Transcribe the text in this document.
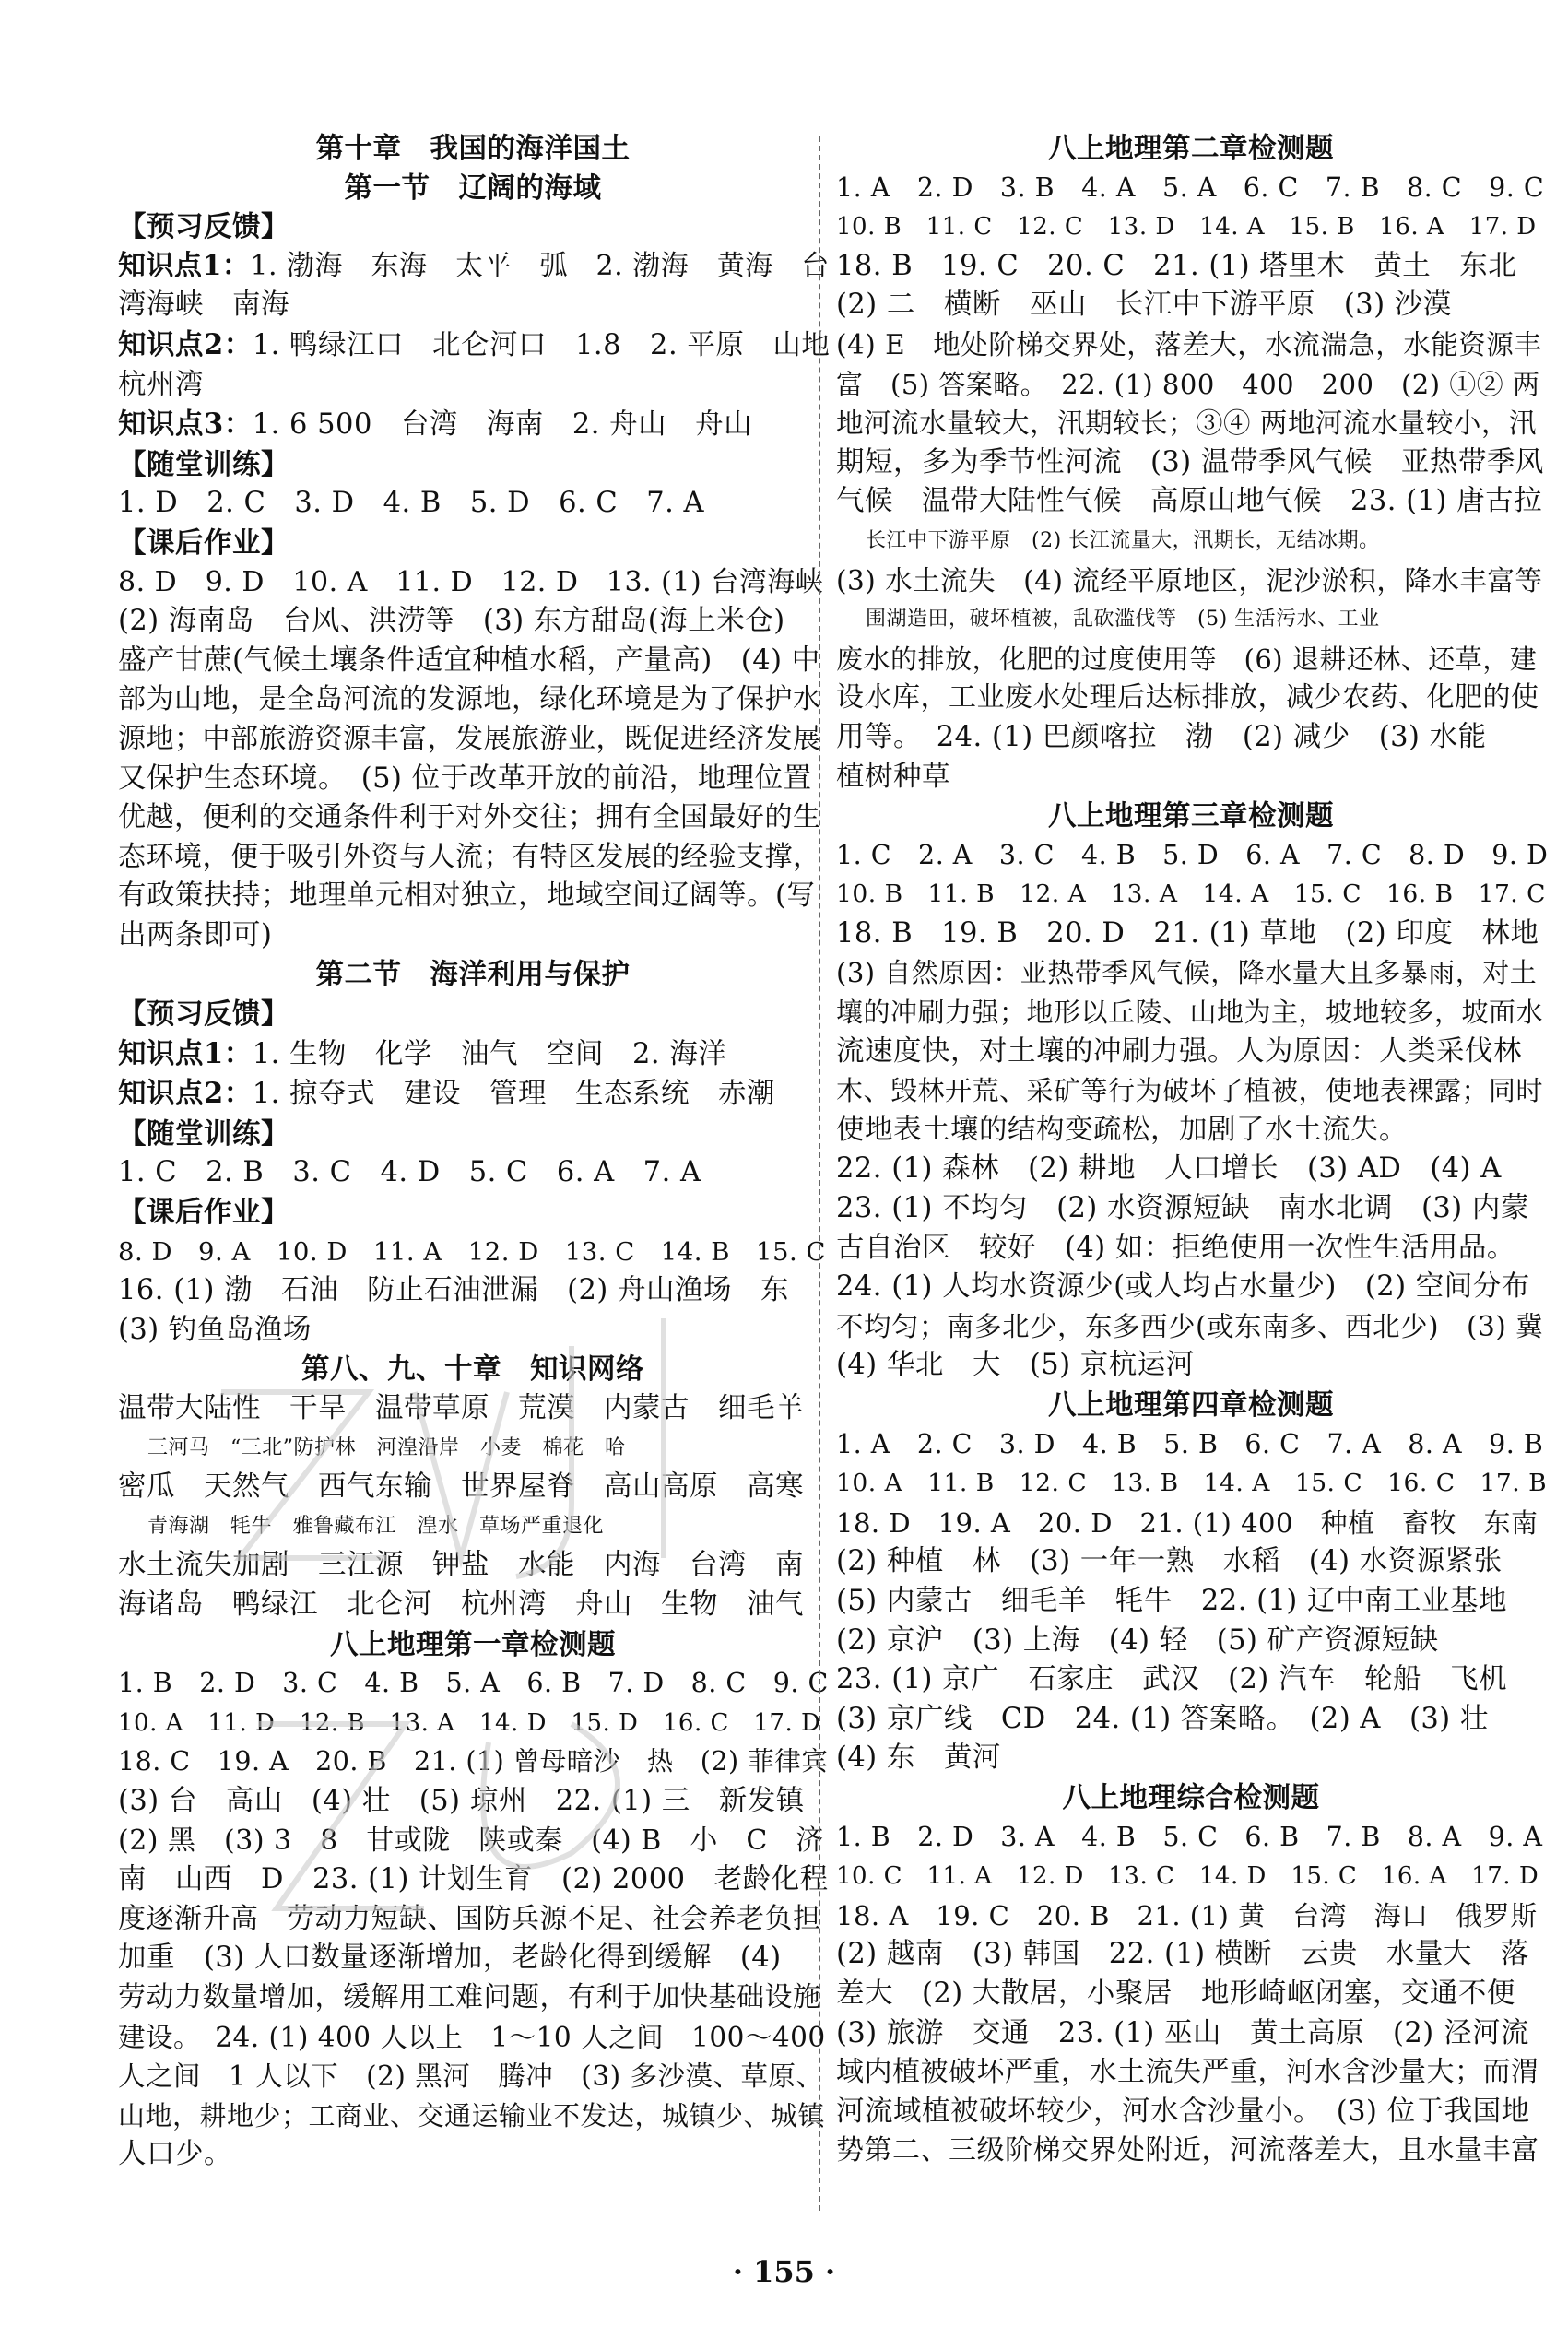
第十章　我国的海洋国土
第一节　辽阔的海域
【预习反馈】
知识点1：1. 渤海　东海　太平　弧　2. 渤海　黄海　台
湾海峡　南海
知识点2：1. 鸭绿江口　北仑河口　1.8　2. 平原　山地
杭州湾
知识点3：1. 6 500　台湾　海南　2. 舟山　舟山
【随堂训练】
1. D　2. C　3. D　4. B　5. D　6. C　7. A
【课后作业】
8. D　9. D　10. A　11. D　12. D　13. (1) 台湾海峡
(2) 海南岛　台风、洪涝等　(3) 东方甜岛(海上米仓)
盛产甘蔗(气候土壤条件适宜种植水稻，产量高)　(4) 中
部为山地，是全岛河流的发源地，绿化环境是为了保护水
源地；中部旅游资源丰富，发展旅游业，既促进经济发展
又保护生态环境。　(5) 位于改革开放的前沿，地理位置
优越，便利的交通条件利于对外交往；拥有全国最好的生
态环境，便于吸引外资与人流；有特区发展的经验支撑，
有政策扶持；地理单元相对独立，地域空间辽阔等。(写
出两条即可)
第二节　海洋利用与保护
【预习反馈】
知识点1：1. 生物　化学　油气　空间　2. 海洋
知识点2：1. 掠夺式　建设　管理　生态系统　赤潮
【随堂训练】
1. C　2. B　3. C　4. D　5. C　6. A　7. A
【课后作业】
8. D　9. A　10. D　11. A　12. D　13. C　14. B　15. C
16. (1) 渤　石油　防止石油泄漏　(2) 舟山渔场　东
(3) 钓鱼岛渔场
第八、九、十章　知识网络
温带大陆性　干旱　温带草原　荒漠　内蒙古　细毛羊
三河马　“三北”防护林　河湟沿岸　小麦　棉花　哈
密瓜　天然气　西气东输　世界屋脊　高山高原　高寒
青海湖　牦牛　雅鲁藏布江　湟水　草场严重退化
水土流失加剧　三江源　钾盐　水能　内海　台湾　南
海诸岛　鸭绿江　北仑河　杭州湾　舟山　生物　油气
八上地理第一章检测题
1. B　2. D　3. C　4. B　5. A　6. B　7. D　8. C　9. C
10. A　11. D　12. B　13. A　14. D　15. D　16. C　17. D
18. C　19. A　20. B　21. (1) 曾母暗沙　热　(2) 菲律宾
(3) 台　高山　(4) 壮　(5) 琼州　22. (1) 三　新发镇
(2) 黑　(3) 3　8　甘或陇　陕或秦　(4) B　小　C　济
南　山西　D　23. (1) 计划生育　(2) 2000　老龄化程
度逐渐升高　劳动力短缺、国防兵源不足、社会养老负担
加重　(3) 人口数量逐渐增加，老龄化得到缓解　(4)
劳动力数量增加，缓解用工难问题，有利于加快基础设施
建设。　24. (1) 400 人以上　1～10 人之间　100～400
人之间　1 人以下　(2) 黑河　腾冲　(3) 多沙漠、草原、
山地，耕地少；工商业、交通运输业不发达，城镇少、城镇
人口少。
八上地理第二章检测题
1. A　2. D　3. B　4. A　5. A　6. C　7. B　8. C　9. C
10. B　11. C　12. C　13. D　14. A　15. B　16. A　17. D
18. B　19. C　20. C　21. (1) 塔里木　黄土　东北
(2) 二　横断　巫山　长江中下游平原　(3) 沙漠
(4) E　地处阶梯交界处，落差大，水流湍急，水能资源丰
富　(5) 答案略。　22. (1) 800　400　200　(2) ①② 两
地河流水量较大，汛期较长；③④ 两地河流水量较小，汛
期短，多为季节性河流　(3) 温带季风气候　亚热带季风
气候　温带大陆性气候　高原山地气候　23. (1) 唐古拉
长江中下游平原　(2) 长江流量大，汛期长，无结冰期。
(3) 水土流失　(4) 流经平原地区，泥沙淤积，降水丰富等
围湖造田，破坏植被，乱砍滥伐等　(5) 生活污水、工业
废水的排放，化肥的过度使用等　(6) 退耕还林、还草，建
设水库，工业废水处理后达标排放，减少农药、化肥的使
用等。　24. (1) 巴颜喀拉　渤　(2) 减少　(3) 水能
植树种草
八上地理第三章检测题
1. C　2. A　3. C　4. B　5. D　6. A　7. C　8. D　9. D
10. B　11. B　12. A　13. A　14. A　15. C　16. B　17. C
18. B　19. B　20. D　21. (1) 草地　(2) 印度　林地
(3) 自然原因：亚热带季风气候，降水量大且多暴雨，对土
壤的冲刷力强；地形以丘陵、山地为主，坡地较多，坡面水
流速度快，对土壤的冲刷力强。人为原因：人类采伐林
木、毁林开荒、采矿等行为破坏了植被，使地表裸露；同时
使地表土壤的结构变疏松，加剧了水土流失。
22. (1) 森林　(2) 耕地　人口增长　(3) AD　(4) A
23. (1) 不均匀　(2) 水资源短缺　南水北调　(3) 内蒙
古自治区　较好　(4) 如：拒绝使用一次性生活用品。
24. (1) 人均水资源少(或人均占水量少)　(2) 空间分布
不均匀；南多北少，东多西少(或东南多、西北少)　(3) 冀
(4) 华北　大　(5) 京杭运河
八上地理第四章检测题
1. A　2. C　3. D　4. B　5. B　6. C　7. A　8. A　9. B
10. A　11. B　12. C　13. B　14. A　15. C　16. C　17. B
18. D　19. A　20. D　21. (1) 400　种植　畜牧　东南
(2) 种植　林　(3) 一年一熟　水稻　(4) 水资源紧张
(5) 内蒙古　细毛羊　牦牛　22. (1) 辽中南工业基地
(2) 京沪　(3) 上海　(4) 轻　(5) 矿产资源短缺
23. (1) 京广　石家庄　武汉　(2) 汽车　轮船　飞机
(3) 京广线　CD　24. (1) 答案略。　(2) A　(3) 壮
(4) 东　黄河
八上地理综合检测题
1. B　2. D　3. A　4. B　5. C　6. B　7. B　8. A　9. A
10. C　11. A　12. D　13. C　14. D　15. C　16. A　17. D
18. A　19. C　20. B　21. (1) 黄　台湾　海口　俄罗斯
(2) 越南　(3) 韩国　22. (1) 横断　云贵　水量大　落
差大　(2) 大散居，小聚居　地形崎岖闭塞，交通不便
(3) 旅游　交通　23. (1) 巫山　黄土高原　(2) 泾河流
域内植被破坏严重，水土流失严重，河水含沙量大；而渭
河流域植被破坏较少，河水含沙量小。　(3) 位于我国地
势第二、三级阶梯交界处附近，河流落差大，且水量丰富
· 155 ·
